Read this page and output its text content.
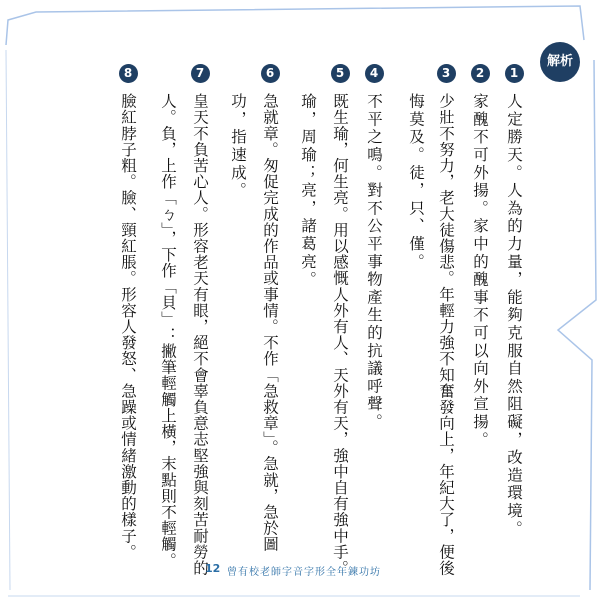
解析
1
人定勝天。人為的力量，能夠克服自然阻礙，改造環境。
2
家醜不可外揚。家中的醜事不可以向外宣揚。
3
少壯不努力，老大徒傷悲。年輕力強不知奮發向上，年紀大了，便後
悔莫及。徒，只、僅。
4
不平之鳴。對不公平事物產生的抗議呼聲。
5
既生瑜，何生亮。用以感慨人外有人、天外有天，強中自有強中手。
瑜，周瑜；亮，諸葛亮。
6
急就章。匆促完成的作品或事情。不作「急救章」。急就，急於圖
功，指速成。
7
皇天不負苦心人。形容老天有眼，絕不會辜負意志堅強與刻苦耐勞的
人。負，上作「ㄅ」，下作「貝」：撇筆輕觸上橫，末點則不輕觸。
8
臉紅脖子粗。臉、頸紅脹。形容人發怒、急躁或情緒激動的樣子。
12 曾有校老師字音字形全年鍊功坊
